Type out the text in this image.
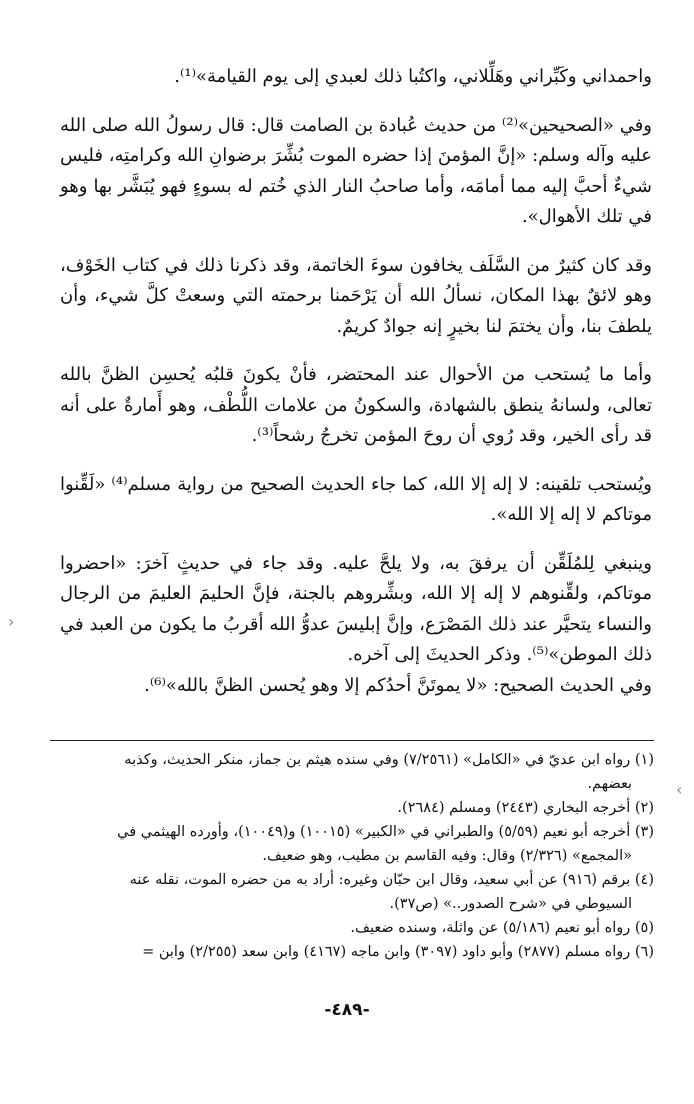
واحمداني وكَبِّراني وهَلِّلاني، واكتُبا ذلك لعبدي إلى يوم القيامة»⁽¹⁾.

وفي «الصحيحين»⁽²⁾ من حديث عُبادة بن الصامت قال: قال رسولُ الله صلى الله عليه وآله وسلم: «إنَّ المؤمنَ إذا حضره الموت بُشِّرَ برضوانِ الله وكرامتِه، فليس شيءٌ أحبَّ إليه مما أمامَه، وأما صاحبُ النار الذي خُتم له بسوءٍ فهو يُبَشَّر بها وهو في تلك الأهوال».

وقد كان كثيرٌ من السَّلَف يخافون سوءَ الخاتمة، وقد ذكرنا ذلك في كتاب الخَوْف، وهو لائقٌ بهذا المكان، نسألُ الله أن يَرْحَمنا برحمته التي وسعتْ كلَّ شيء، وأن يلطفَ بنا، وأن يختمَ لنا بخيرٍ إنه جوادٌ كريمٌ.

وأما ما يُستحب من الأحوال عند المحتضر، فأنْ يكونَ قلبُه يُحسِن الظنَّ بالله تعالى، ولسانهُ ينطق بالشهادة، والسكونُ من علامات اللُّطْف، وهو أَمارةٌ على أنه قد رأى الخير، وقد رُوي أن روحَ المؤمن تخرجُ رشحاً⁽³⁾.

ويُستحب تلقينه: لا إله إلا الله، كما جاء الحديث الصحيح من رواية مسلم⁽⁴⁾ «لَقِّنوا موتاكم لا إله إلا الله».

وينبغي لِلمُلَقِّن أن يرفقَ به، ولا يلحَّ عليه. وقد جاء في حديثٍ آخرَ: «احضروا موتاكم، ولقِّنوهم لا إله إلا الله، وبشِّروهم بالجنة، فإنَّ الحليمَ العليمَ من الرجال والنساء يتحيَّر عند ذلك المَصْرَع، وإنَّ إبليسَ عدوُّ الله أقربُ ما يكون من العبد في ذلك الموطن»⁽⁵⁾. وذكر الحديثَ إلى آخره.

وفي الحديث الصحيح: «لا يموتَنَّ أحدُكم إلا وهو يُحسن الظنَّ بالله»⁽⁶⁾.

(١) رواه ابن عديّ في «الكامل» (٧/٢٥٦١) وفي سنده هيثم بن جماز، منكر الحديث، وكذبه
بعضهم.
(٢) أخرجه البخاري (٢٤٤٣) ومسلم (٢٦٨٤).
(٣) أخرجه أبو نعيم (٥/٥٩) والطبراني في «الكبير» (١٠٠١٥) و(١٠٠٤٩)، وأورده الهيثمي في
«المجمع» (٢/٣٢٦) وقال: وفيه القاسم بن مطيب، وهو ضعيف.
(٤) برقم (٩١٦) عن أبي سعيد، وقال ابن حبّان وغيره: أراد به من حضره الموت، نقله عنه
السيوطي في «شرح الصدور..» (ص٣٧).
(٥) رواه أبو نعيم (٥/١٨٦) عن واثلة، وسنده ضعيف.
(٦) رواه مسلم (٢٨٧٧) وأبو داود (٣٠٩٧) وابن ماجه (٤١٦٧) وابن سعد (٢/٢٥٥) وابن =
-٤٨٩-
‹
›
